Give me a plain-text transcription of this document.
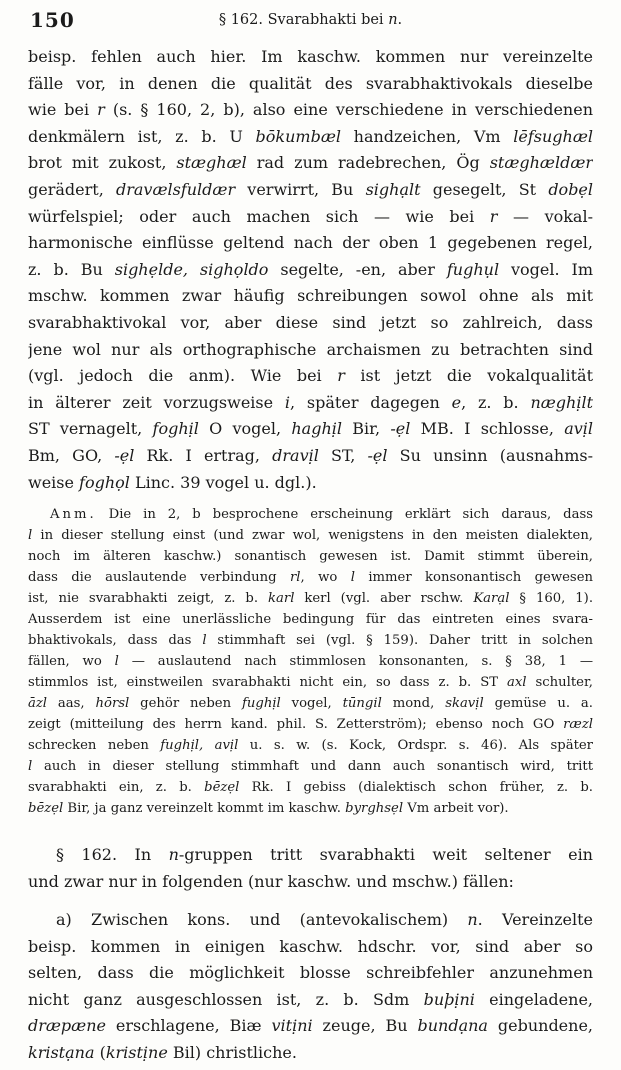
150	§ 162. Svarabhakti bei n.
beisp. fehlen auch hier. Im kaschw. kommen nur vereinzelte
fälle vor, in denen die qualität des svarabhaktivokals dieselbe
wie bei r (s. § 160, 2, b), also eine verschiedene in verschiedenen
denkmälern ist, z. b. U bōkumbæl handzeichen, Vm lēfsughæl
brot mit zukost, stæghæl rad zum radebrechen, Ög stæghældær
gerädert, dravælsfuldær verwirrt, Bu sighạlt gesegelt, St dobẹl
würfelspiel; oder auch machen sich — wie bei r — vokal-
harmonische einflüsse geltend nach der oben 1 gegebenen regel,
z. b. Bu sighẹlde, sighọldo segelte, -en, aber fughụl vogel. Im
mschw. kommen zwar häufig schreibungen sowol ohne als mit
svarabhaktivokal vor, aber diese sind jetzt so zahlreich, dass
jene wol nur als orthographische archaismen zu betrachten sind
(vgl. jedoch die anm). Wie bei r ist jetzt die vokalqualität
in älterer zeit vorzugsweise i, später dagegen e, z. b. næghịlt
ST vernagelt, foghịl O vogel, haghịl Bir, -ẹl MB. I schlosse, avịl
Bm, GO, -ẹl Rk. I ertrag, dravịl ST, -ẹl Su unsinn (ausnahms-
weise foghọl Linc. 39 vogel u. dgl.).
Anm. Die in 2, b besprochene erscheinung erklärt sich daraus, dass
l in dieser stellung einst (und zwar wol, wenigstens in den meisten dialekten,
noch im älteren kaschw.) sonantisch gewesen ist. Damit stimmt überein,
dass die auslautende verbindung rl, wo l immer konsonantisch gewesen
ist, nie svarabhakti zeigt, z. b. karl kerl (vgl. aber rschw. Karạl § 160, 1).
Ausserdem ist eine unerlässliche bedingung für das eintreten eines svara-
bhaktivokals, dass das l stimmhaft sei (vgl. § 159). Daher tritt in solchen
fällen, wo l — auslautend nach stimmlosen konsonanten, s. § 38, 1 —
stimmlos ist, einstweilen svarabhakti nicht ein, so dass z. b. ST axl schulter,
āzl aas, hōrsl gehör neben fughịl vogel, tūngil mond, skavịl gemüse u. a.
zeigt (mitteilung des herrn kand. phil. S. Zetterström); ebenso noch GO ræzl
schrecken neben fughịl, avịl u. s. w. (s. Kock, Ordspr. s. 46). Als später
l auch in dieser stellung stimmhaft und dann auch sonantisch wird, tritt
svarabhakti ein, z. b. bēzẹl Rk. I gebiss (dialektisch schon früher, z. b.
bēzẹl Bir, ja ganz vereinzelt kommt im kaschw. byrghsẹl Vm arbeit vor).
§ 162. In n-gruppen tritt svarabhakti weit seltener ein
und zwar nur in folgenden (nur kaschw. und mschw.) fällen:
a) Zwischen kons. und (antevokalischem) n. Vereinzelte
beisp. kommen in einigen kaschw. hdschr. vor, sind aber so
selten, dass die möglichkeit blosse schreibfehler anzunehmen
nicht ganz ausgeschlossen ist, z. b. Sdm buþịni eingeladene,
dræpæne erschlagene, Biæ vitịni zeuge, Bu bundạna gebundene,
kristạna (kristịne Bil) christliche.
